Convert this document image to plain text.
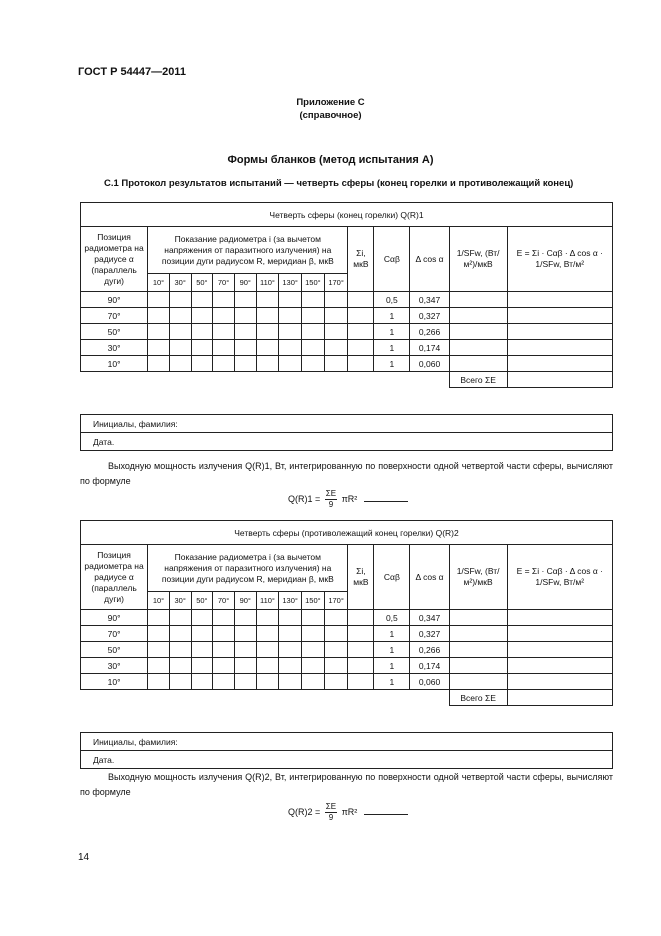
ГОСТ Р 54447—2011
Приложение С
(справочное)
Формы бланков (метод испытания А)
С.1 Протокол результатов испытаний — четверть сферы (конец горелки и противолежащий конец)
Четверть сферы (конец горелки) Q(R)1														
Позиция радиометра на радиусе α (параллель дуги)	Показание радиометра i (за вычетом напряжения от паразитного излучения) на позиции дуги радиусом R, меридиан β, мкВ									Σi, мкВ	Cαβ	Δ cos α	1/SFw, (Вт/м²)/мкВ	E = Σi · Cαβ · Δ cos α · 1/SFw, Вт/м²
	10°	30°	50°	70°	90°	110°	130°	150°	170°					
90°											0,5	0,347		
70°											1	0,327		
50°											1	0,266		
30°											1	0,174		
10°											1	0,060		
													Всего ΣE	
Инициалы, фамилия:
Дата.
Выходную мощность излучения Q(R)1, Вт, интегрированную по поверхности одной четвертой части сферы, вычисляют по формуле
$Q(R)1 = \frac{\Sigma E}{9} \pi R^2$
Четверть сферы (противолежащий конец горелки) Q(R)2														
Позиция радиометра на радиусе α (параллель дуги)	Показание радиометра i (за вычетом напряжения от паразитного излучения) на позиции дуги радиусом R, меридиан β, мкВ									Σi, мкВ	Cαβ	Δ cos α	1/SFw, (Вт/м²)/мкВ	E = Σi · Cαβ · Δ cos α · 1/SFw, Вт/м²
	10°	30°	50°	70°	90°	110°	130°	150°	170°					
90°											0,5	0,347		
70°											1	0,327		
50°											1	0,266		
30°											1	0,174		
10°											1	0,060		
													Всего ΣE	
Инициалы, фамилия:
Дата.
Выходную мощность излучения Q(R)2, Вт, интегрированную по поверхности одной четвертой части сферы, вычисляют по формуле
$Q(R)2 = \frac{\Sigma E}{9} \pi R^2$
14
